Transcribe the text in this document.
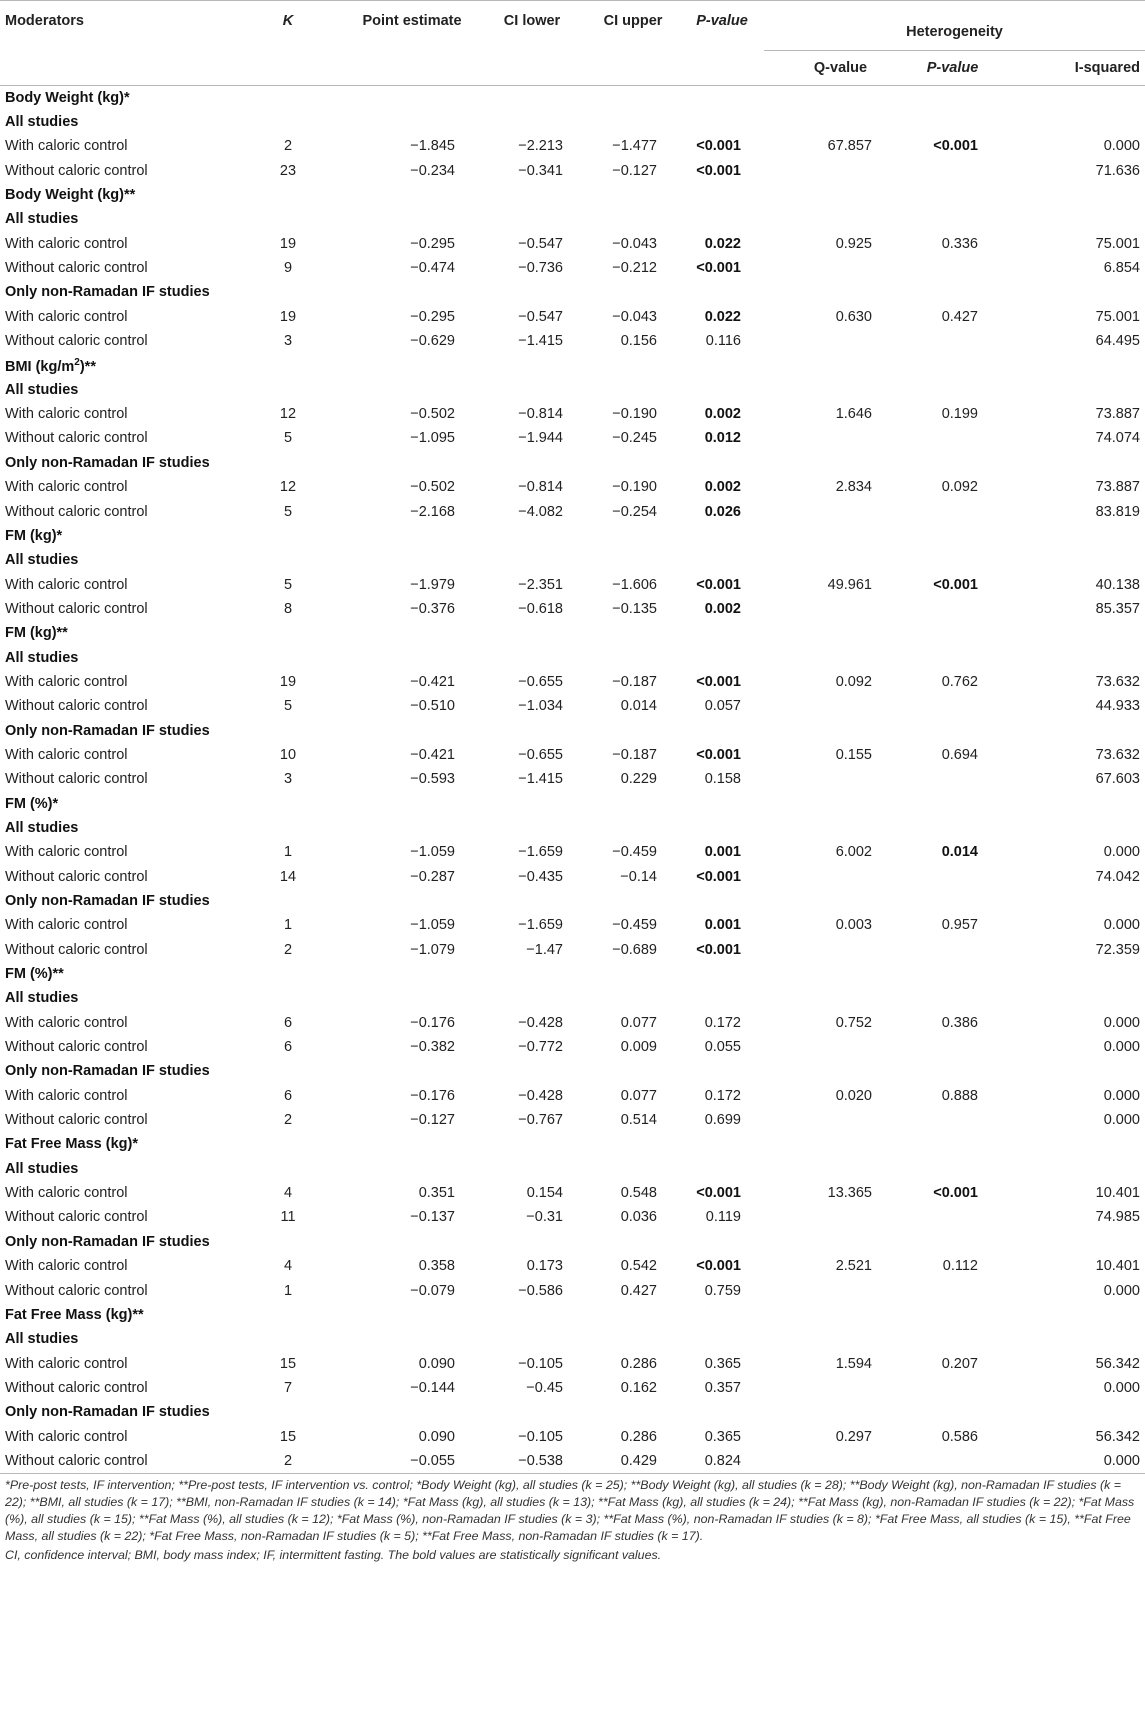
Moderators	K	Point estimate	CI lower	CI upper	P-value	Heterogeneity		
						Q-value	P-value	I-squared
Body Weight (kg)*								
All studies								
With caloric control	2	−1.845	−2.213	−1.477	<0.001	67.857	<0.001	0.000
Without caloric control	23	−0.234	−0.341	−0.127	<0.001			71.636
Body Weight (kg)**								
All studies								
With caloric control	19	−0.295	−0.547	−0.043	0.022	0.925	0.336	75.001
Without caloric control	9	−0.474	−0.736	−0.212	<0.001			6.854
Only non-Ramadan IF studies								
With caloric control	19	−0.295	−0.547	−0.043	0.022	0.630	0.427	75.001
Without caloric control	3	−0.629	−1.415	0.156	0.116			64.495
BMI $(kg/m^2)**$								
All studies								
With caloric control	12	−0.502	−0.814	−0.190	0.002	1.646	0.199	73.887
Without caloric control	5	−1.095	−1.944	−0.245	0.012			74.074
Only non-Ramadan IF studies								
With caloric control	12	−0.502	−0.814	−0.190	0.002	2.834	0.092	73.887
Without caloric control	5	−2.168	−4.082	−0.254	0.026			83.819
FM (kg)*								
All studies								
With caloric control	5	−1.979	−2.351	−1.606	<0.001	49.961	<0.001	40.138
Without caloric control	8	−0.376	−0.618	−0.135	0.002			85.357
FM (kg)**								
All studies								
With caloric control	19	−0.421	−0.655	−0.187	<0.001	0.092	0.762	73.632
Without caloric control	5	−0.510	−1.034	0.014	0.057			44.933
Only non-Ramadan IF studies								
With caloric control	10	−0.421	−0.655	−0.187	<0.001	0.155	0.694	73.632
Without caloric control	3	−0.593	−1.415	0.229	0.158			67.603
FM (%)*								
All studies								
With caloric control	1	−1.059	−1.659	−0.459	0.001	6.002	0.014	0.000
Without caloric control	14	−0.287	−0.435	−0.14	<0.001			74.042
Only non-Ramadan IF studies								
With caloric control	1	−1.059	−1.659	−0.459	0.001	0.003	0.957	0.000
Without caloric control	2	−1.079	−1.47	−0.689	<0.001			72.359
FM (%)**								
All studies								
With caloric control	6	−0.176	−0.428	0.077	0.172	0.752	0.386	0.000
Without caloric control	6	−0.382	−0.772	0.009	0.055			0.000
Only non-Ramadan IF studies								
With caloric control	6	−0.176	−0.428	0.077	0.172	0.020	0.888	0.000
Without caloric control	2	−0.127	−0.767	0.514	0.699			0.000
Fat Free Mass (kg)*								
All studies								
With caloric control	4	0.351	0.154	0.548	<0.001	13.365	<0.001	10.401
Without caloric control	11	−0.137	−0.31	0.036	0.119			74.985
Only non-Ramadan IF studies								
With caloric control	4	0.358	0.173	0.542	<0.001	2.521	0.112	10.401
Without caloric control	1	−0.079	−0.586	0.427	0.759			0.000
Fat Free Mass (kg)**								
All studies								
With caloric control	15	0.090	−0.105	0.286	0.365	1.594	0.207	56.342
Without caloric control	7	−0.144	−0.45	0.162	0.357			0.000
Only non-Ramadan IF studies								
With caloric control	15	0.090	−0.105	0.286	0.365	0.297	0.586	56.342
Without caloric control	2	−0.055	−0.538	0.429	0.824			0.000

*Pre-post tests, IF intervention; **Pre-post tests, IF intervention vs. control; *Body Weight (kg), all studies (k = 25); **Body Weight (kg), all studies (k = 28); **Body Weight (kg), non-Ramadan IF studies (k = 22); **BMI, all studies (k = 17); **BMI, non-Ramadan IF studies (k = 14); *Fat Mass (kg), all studies (k = 13); **Fat Mass (kg), all studies (k = 24); **Fat Mass (kg), non-Ramadan IF studies (k = 22); *Fat Mass (%), all studies (k = 15); **Fat Mass (%), all studies (k = 12); *Fat Mass (%), non-Ramadan IF studies (k = 3); **Fat Mass (%), non-Ramadan IF studies (k = 8); *Fat Free Mass, all studies (k = 15), **Fat Free Mass, all studies (k = 22); *Fat Free Mass, non-Ramadan IF studies (k = 5); **Fat Free Mass, non-Ramadan IF studies (k = 17).

CI, confidence interval; BMI, body mass index; IF, intermittent fasting. The bold values are statistically significant values.
